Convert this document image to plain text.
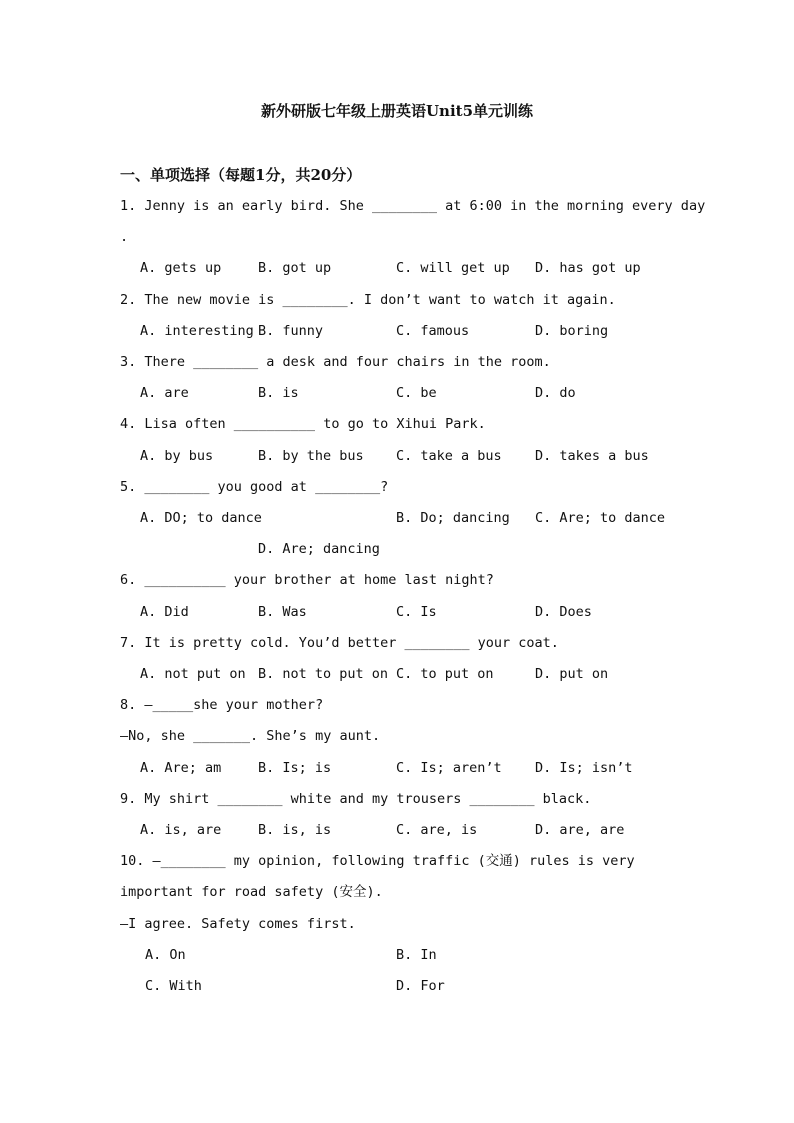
新外研版七年级上册英语Unit5单元训练
一、单项选择（每题1分，共20分）
1. Jenny is an early bird. She ________ at 6:00 in the morning every day
.
A. gets up	B. got up	C. will get up D. has got up
2. The new movie is ________. I don’t want to watch it again.
A. interesting B. funny	C. famous	D. boring
3. There ________ a desk and four chairs in the room.
A. are	B. is	C. be	D. do
4. Lisa often __________ to go to Xihui Park.
A. by bus	B. by the bus C. take a bus D. takes a bus
5. ________ you good at ________?
A. DO; to dance	B. Do; dancing C. Are; to dance
D. Are; dancing
6. __________ your brother at home last night?
A. Did	B. Was	C. Is	D. Does
7. It is pretty cold. You’d better ________ your coat.
A. not put on B. not to put on C. to put on	D. put on
8. —_____she your mother?
—No, she _______. She’s my aunt.
A. Are; am	B. Is; is	C. Is; aren’t D. Is; isn’t
9. My shirt ________ white and my trousers ________ black.
A. is, are	B. is, is	C. are, is	D. are, are
10. —________ my opinion, following traffic (交通) rules is very
important for road safety (安全).
—I agree. Safety comes first.
A. On	B. In
C. With	D. For
